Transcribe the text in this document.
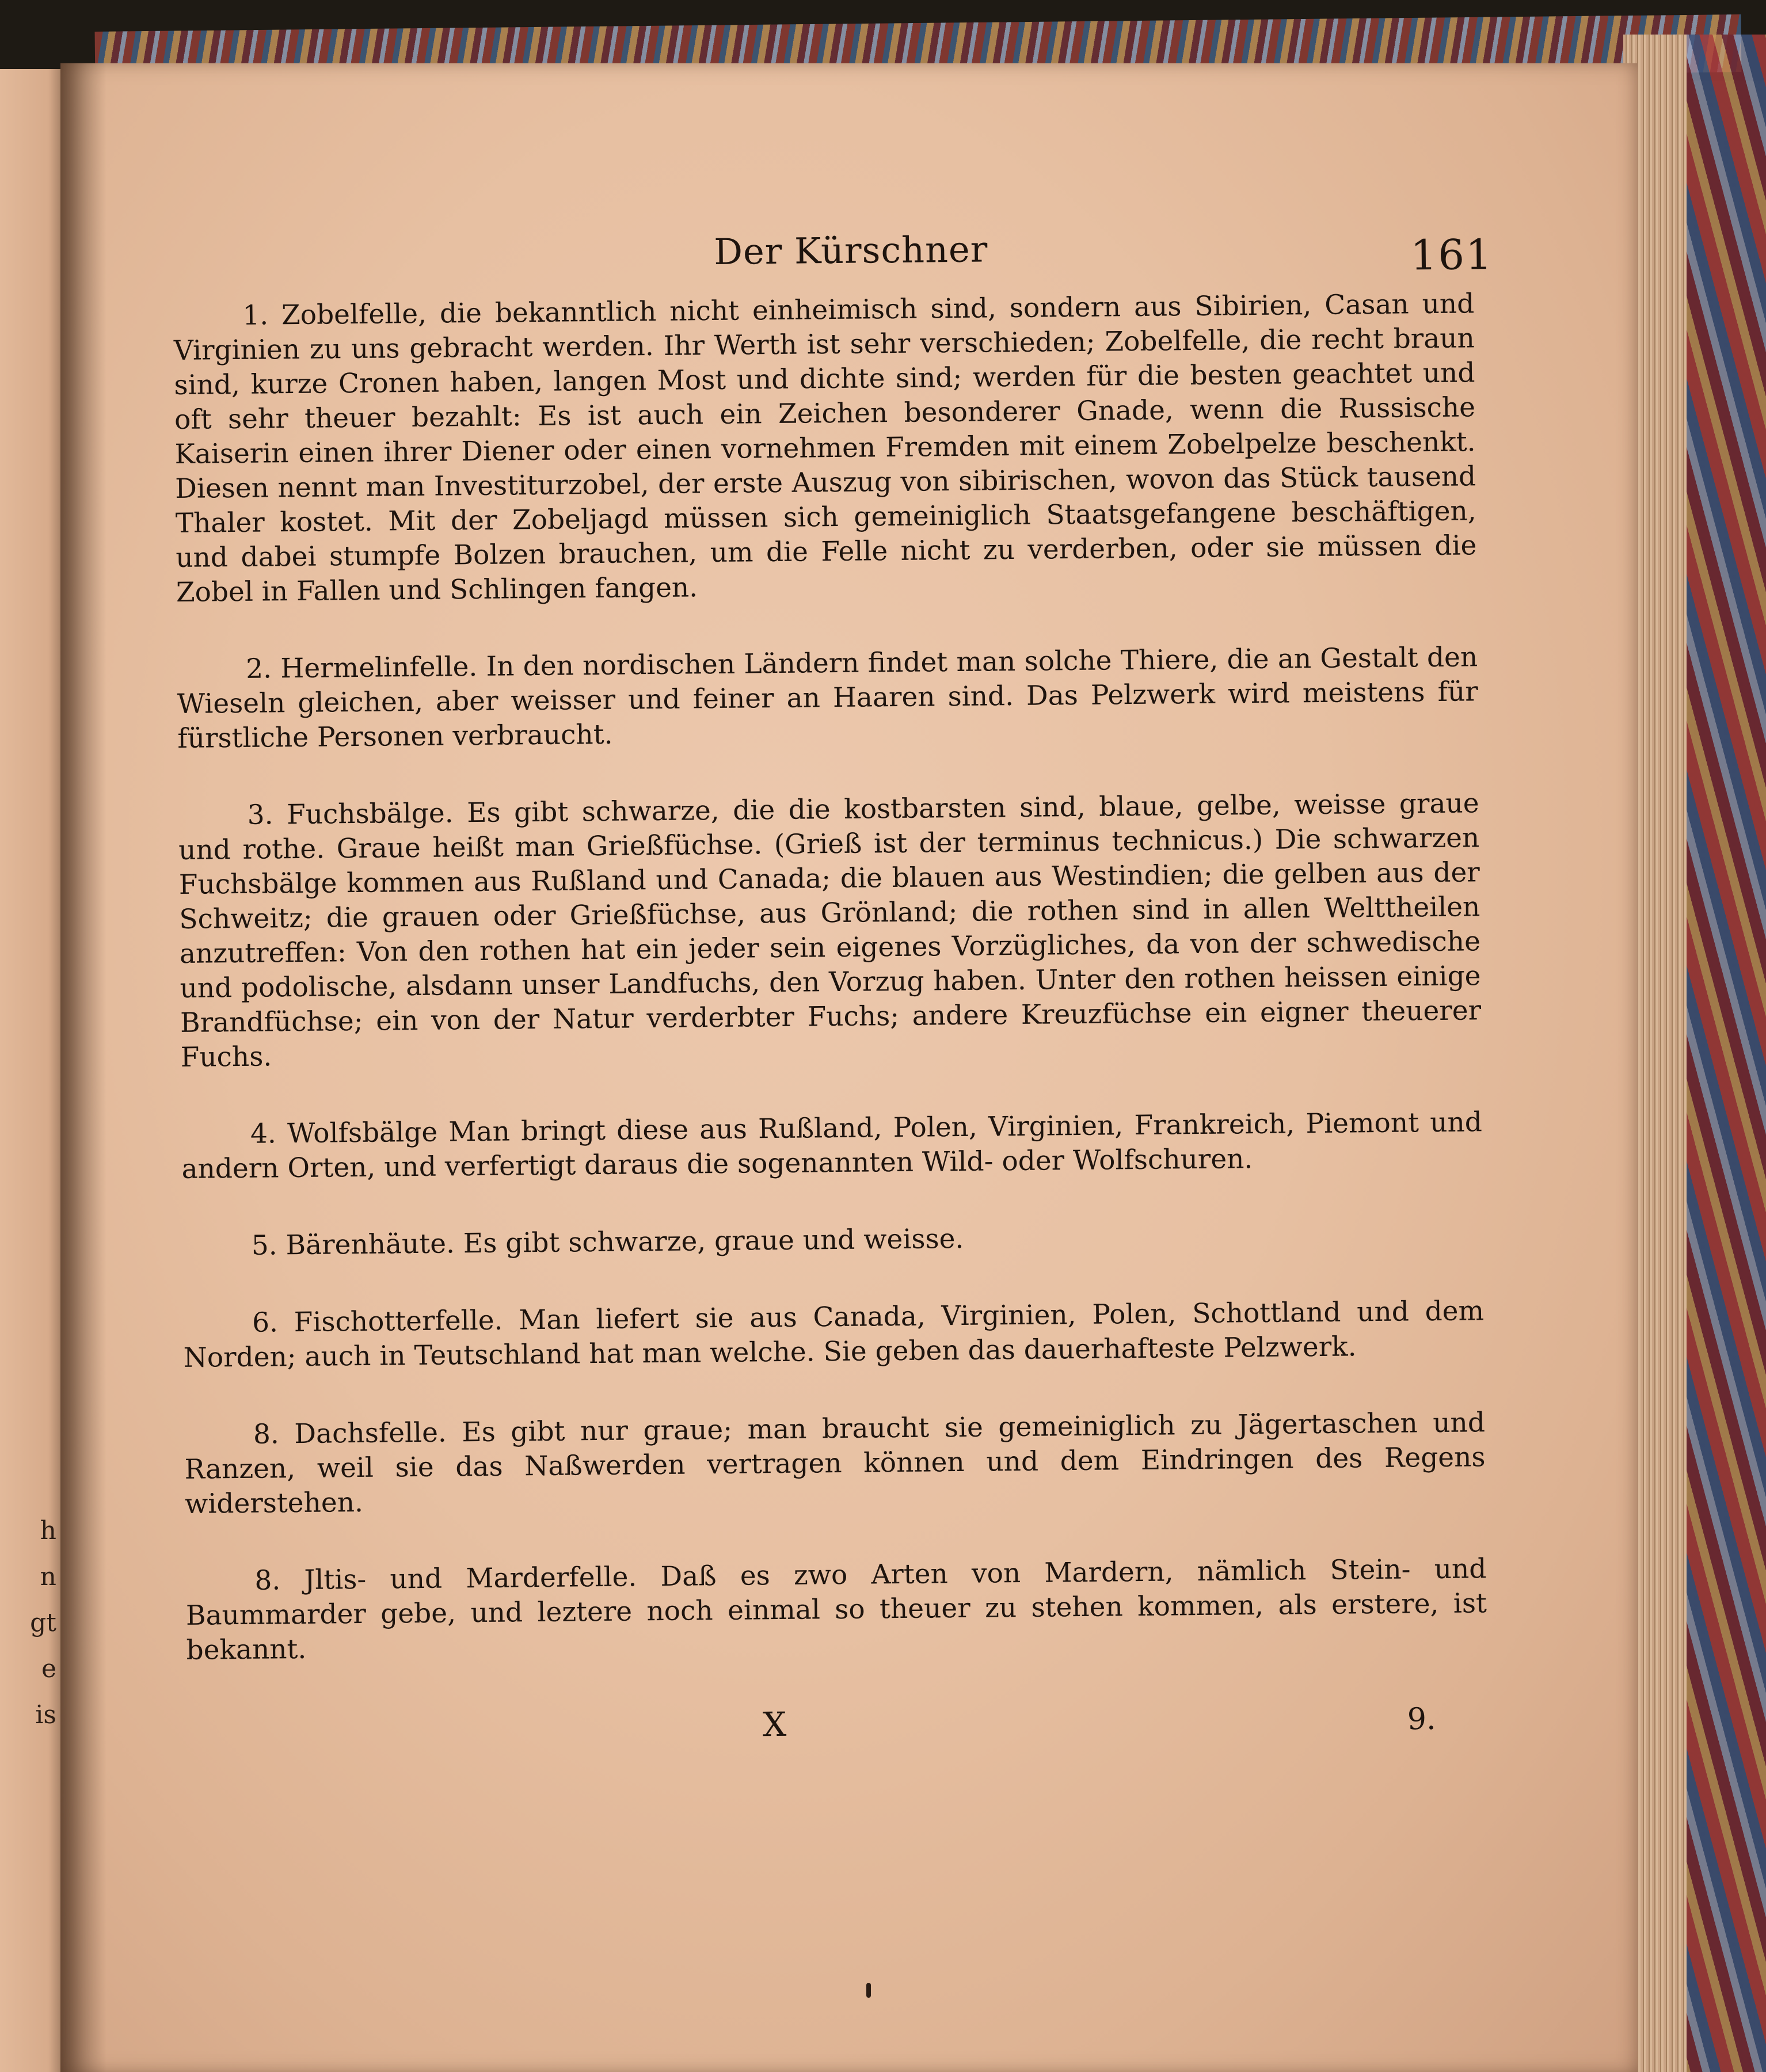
h
n
gt
e
is
Der Kürschner	161

1. Zobelfelle, die bekanntlich nicht einheimisch sind, sondern aus Sibirien, Casan und Virginien zu uns gebracht werden. Ihr Werth ist sehr verschieden; Zobelfelle, die recht braun sind, kurze Cronen haben, langen Most und dichte sind; werden für die besten geachtet und oft sehr theuer bezahlt: Es ist auch ein Zeichen besonderer Gnade, wenn die Russische Kaiserin einen ihrer Diener oder einen vornehmen Fremden mit einem Zobelpelze beschenkt. Diesen nennt man Investiturzobel, der erste Auszug von sibirischen, wovon das Stück tausend Thaler kostet. Mit der Zobeljagd müssen sich gemeiniglich Staatsgefangene beschäftigen, und dabei stumpfe Bolzen brauchen, um die Felle nicht zu verderben, oder sie müssen die Zobel in Fallen und Schlingen fangen.

2. Hermelinfelle. In den nordischen Ländern findet man solche Thiere, die an Gestalt den Wieseln gleichen, aber weisser und feiner an Haaren sind. Das Pelzwerk wird meistens für fürstliche Personen verbraucht.

3. Fuchsbälge. Es gibt schwarze, die die kostbarsten sind, blaue, gelbe, weisse graue und rothe. Graue heißt man Grießfüchse. (Grieß ist der terminus technicus.) Die schwarzen Fuchsbälge kommen aus Rußland und Canada; die blauen aus Westindien; die gelben aus der Schweitz; die grauen oder Grießfüchse, aus Grönland; die rothen sind in allen Welttheilen anzutreffen: Von den rothen hat ein jeder sein eigenes Vorzügliches, da von der schwedische und podolische, alsdann unser Landfuchs, den Vorzug haben. Unter den rothen heissen einige Brandfüchse; ein von der Natur verderbter Fuchs; andere Kreuzfüchse ein eigner theuerer Fuchs.

4. Wolfsbälge Man bringt diese aus Rußland, Polen, Virginien, Frankreich, Piemont und andern Orten, und verfertigt daraus die sogenannten Wild- oder Wolfschuren.

5. Bärenhäute. Es gibt schwarze, graue und weisse.

6. Fischotterfelle. Man liefert sie aus Canada, Virginien, Polen, Schottland und dem Norden; auch in Teutschland hat man welche. Sie geben das dauerhafteste Pelzwerk.

8. Dachsfelle. Es gibt nur graue; man braucht sie gemeiniglich zu Jägertaschen und Ranzen, weil sie das Naßwerden vertragen können und dem Eindringen des Regens widerstehen.

8. Jltis- und Marderfelle. Daß es zwo Arten von Mardern, nämlich Stein- und Baummarder gebe, und leztere noch einmal so theuer zu stehen kommen, als erstere, ist bekannt.

X	9.
